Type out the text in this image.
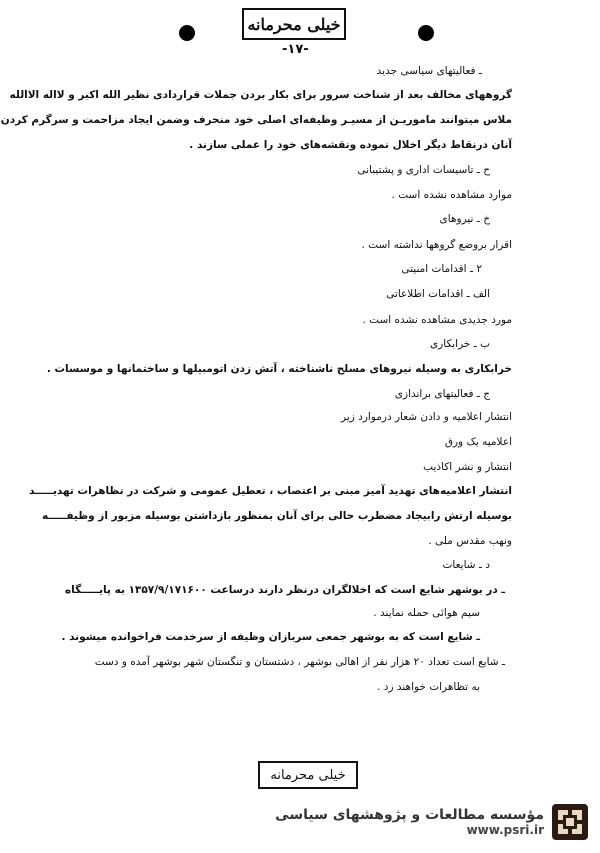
خیلی محرمانه
-۱۷-
ـ فعالیتهای سیاسی جدید
گروههای مخالف بعد از شناخت سرور برای بکار بردن جملات قراردادی نظیر الله اکبر و لااله الاالله
ملاس میتوانند ماموریـن از مسیـر وظیفه‌ای اصلی خود منحرف وضمن ایجاد مزاحمت و سرگرم کردن
آنان درنقاط دیگر اخلال نموده ونقشه‌های خود را عملی سازند .
ح ـ تاسیسات اداری و پشتیبانی
موارد مشاهده نشده است .
خ ـ نیروهای
اقرار بروضع گروهها نداشته است .
۲ ـ اقدامات امنیتی
الف ـ اقدامات اطلاعاتی
مورد جدیدی مشاهده نشده است .
ب ـ خرابکاری
خرابکاری به وسیله نیروهای مسلح ناشناخته ، آتش زدن اتومبیلها و ساختمانها و موسسات .
ج ـ فعالیتهای براندازی
انتشار اعلامیه و دادن شعار درموارد زیر
اعلامیه یک ورق
انتشار و نشر اکاذیب
انتشار اعلامیه‌های تهدید آمیز مبنی بر اعتصاب ، تعطیل عمومی و شرکت در تظاهرات تهدیـــــد
بوسیله ارتش رابیجاد مضطرب حالی برای آنان بمنظور بازداشتن بوسیله مزبور از وظیفـــــه
ونهب مقدس ملی .
د ـ شایعات
ـ در بوشهر شایع است که اخلالگران درنظر دارند درساعت ۱۳۵۷/۹/۱۷۱۶۰۰ به پایـــــگاه
سیم هوائی حمله نمایند .
ـ شایع است که به بوشهر جمعی سربازان وظیفه از سرخدمت فراخوانده میشوند .
ـ شایع است تعداد ۲۰ هزار نفر از اهالی بوشهر ، دشتستان و تنگستان شهر بوشهر آمده و دست
به تظاهرات خواهند زد .
خیلی محرمانه
مؤسسه مطالعات و پژوهشهای سیاسی
www.psri.ir
